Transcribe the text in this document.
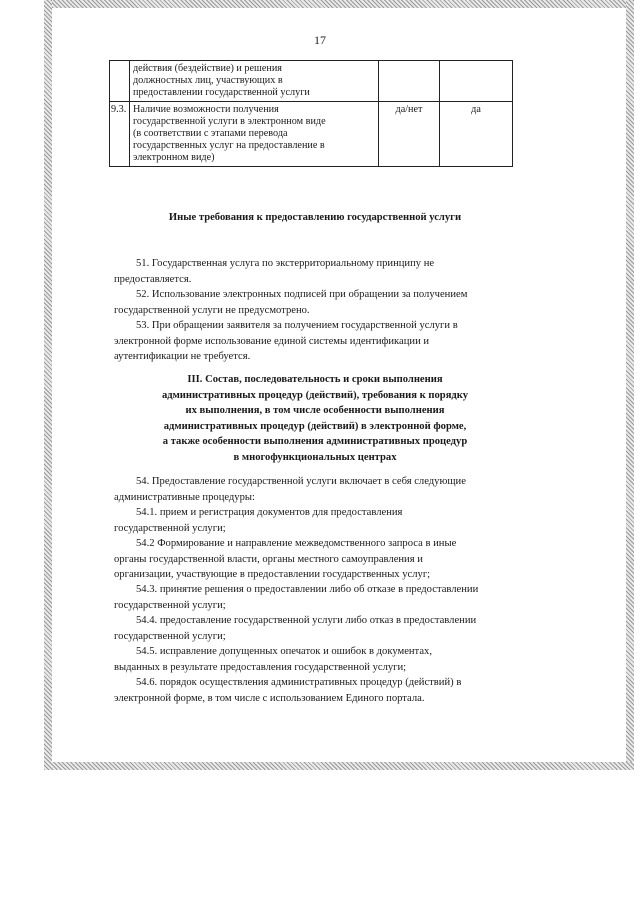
17

	действия (бездействие) и решения
должностных лиц, участвующих в
предоставлении государственной услуги		

9.3.	Наличие возможности получения
государственной услуги в электронном виде
(в соответствии с этапами перевода
государственных услуг на предоставление в
электронном виде)	да/нет	да
Иные требования к предоставлению государственной услуги
51. Государственная услуга по экстерриториальному принципу не
предоставляется.
52. Использование электронных подписей при обращении за получением
государственной услуги не предусмотрено.
53. При обращении заявителя за получением государственной услуги в
электронной форме использование единой системы идентификации и
аутентификации не требуется.
III. Состав, последовательность и сроки выполнения
административных процедур (действий), требования к порядку
их выполнения, в том числе особенности выполнения
административных процедур (действий) в электронной форме,
а также особенности выполнения административных процедур
в многофункциональных центрах
54. Предоставление государственной услуги включает в себя следующие
административные процедуры:
54.1. прием и регистрация документов для предоставления
государственной услуги;
54.2 Формирование и направление межведомственного запроса в иные
органы государственной власти, органы местного самоуправления и
организации, участвующие в предоставлении государственных услуг;
54.3. принятие решения о предоставлении либо об отказе в предоставлении
государственной услуги;
54.4. предоставление государственной услуги либо отказ в предоставлении
государственной услуги;
54.5. исправление допущенных опечаток и ошибок в документах,
выданных в результате предоставления государственной услуги;
54.6. порядок осуществления административных процедур (действий) в
электронной форме, в том числе с использованием Единого портала.
